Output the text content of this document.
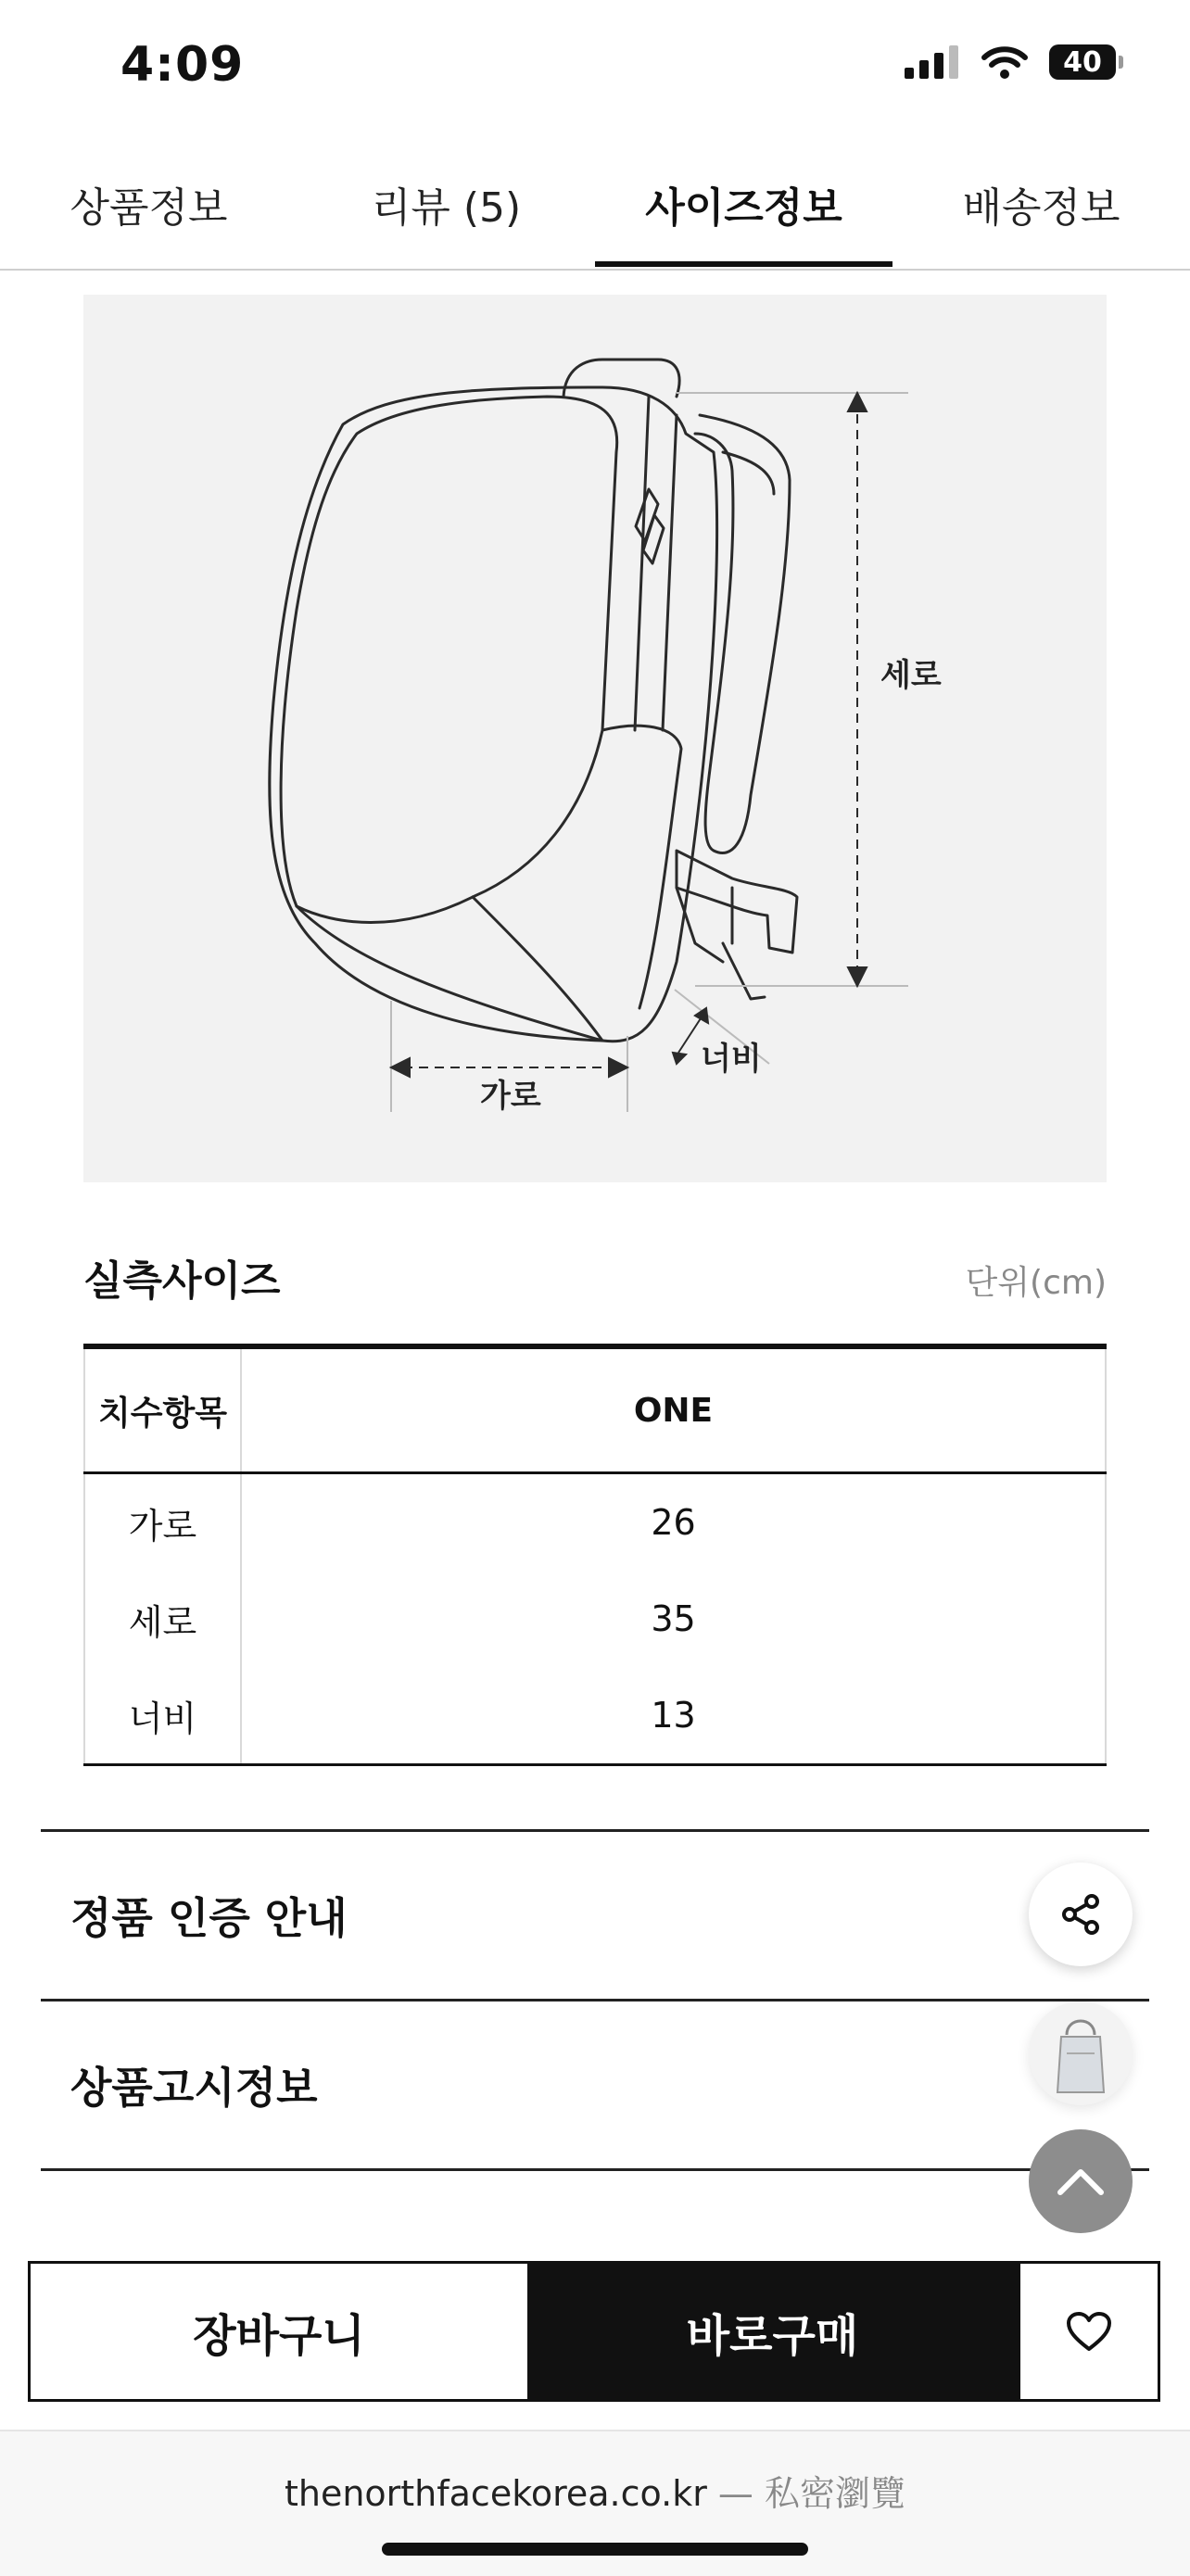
4:09	40
상품정보	리뷰 (5)	사이즈정보	배송정보
세로
가로
너비
실측사이즈	단위(cm)
치수항목	ONE
가로	26
세로	35
너비	13
정품 인증 안내
상품고시정보
장바구니	바로구매
thenorthfacekorea.co.kr — 私密瀏覽
